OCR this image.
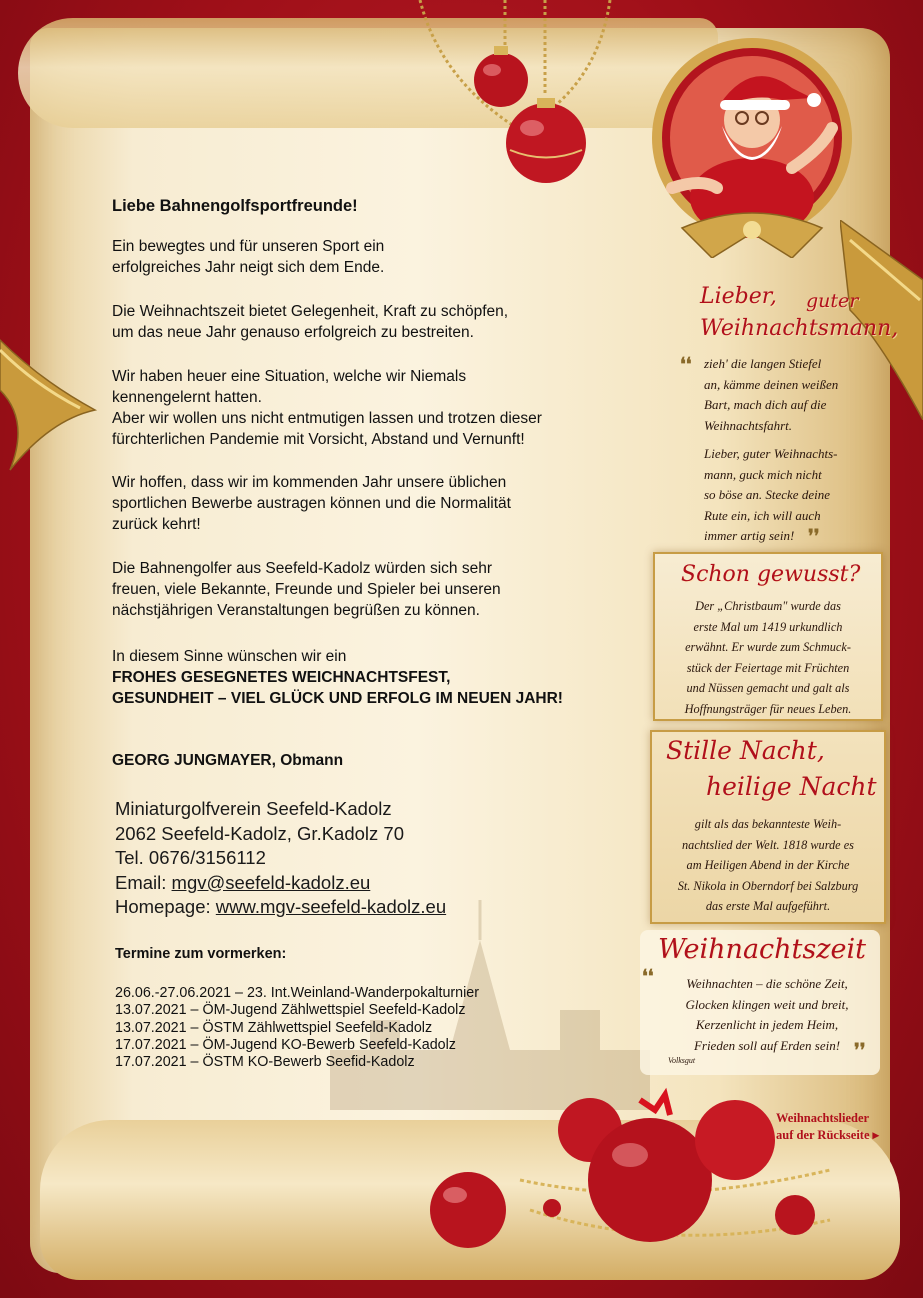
Liebe Bahnengolfsportfreunde!
Ein bewegtes und für unseren Sport ein
erfolgreiches Jahr neigt sich dem Ende.
Die Weihnachtszeit bietet Gelegenheit, Kraft zu schöpfen,
um das neue Jahr genauso erfolgreich zu bestreiten.
Wir haben heuer eine Situation, welche wir Niemals
kennengelernt hatten.
Aber wir wollen uns nicht entmutigen lassen und trotzen dieser
fürchterlichen Pandemie mit Vorsicht, Abstand und Vernunft!
Wir hoffen, dass wir im kommenden Jahr unsere üblichen
sportlichen Bewerbe austragen können und die Normalität
zurück kehrt!
Die Bahnengolfer aus Seefeld-Kadolz würden sich sehr
freuen, viele Bekannte, Freunde und Spieler bei unseren
nächstjährigen Veranstaltungen begrüßen zu können.
In diesem Sinne wünschen wir ein
FROHES GESEGNETES WEICHNACHTSFEST,
GESUNDHEIT – VIEL GLÜCK UND ERFOLG IM NEUEN JAHR!
GEORG JUNGMAYER, Obmann
Miniaturgolfverein Seefeld-Kadolz
2062 Seefeld-Kadolz, Gr.Kadolz 70
Tel. 0676/3156112
Email: mgv@seefeld-kadolz.eu
Homepage: www.mgv-seefeld-kadolz.eu
Termine zum vormerken:
26.06.-27.06.2021 – 23. Int.Weinland-Wanderpokalturnier
13.07.2021 – ÖM-Jugend Zählwettspiel Seefeld-Kadolz
13.07.2021 – ÖSTM Zählwettspiel Seefeld-Kadolz
17.07.2021 – ÖM-Jugend KO-Bewerb Seefeld-Kadolz
17.07.2021 – ÖSTM KO-Bewerb Seefid-Kadolz
Lieber, guter
Weihnachtsmann,
❛❛ zieh' die langen Stiefel
an, kämme deinen weißen
Bart, mach dich auf die
Weihnachtsfahrt.
Lieber, guter Weihnachts-
mann, guck mich nicht
so böse an. Stecke deine
Rute ein, ich will auch
immer artig sein! ❜❜
Schon gewusst?
Der „Christbaum" wurde das
erste Mal um 1419 urkundlich
erwähnt. Er wurde zum Schmuck-
stück der Feiertage mit Früchten
und Nüssen gemacht und galt als
Hoffnungsträger für neues Leben.
Stille Nacht,
heilige Nacht
gilt als das bekannteste Weih-
nachtslied der Welt. 1818 wurde es
am Heiligen Abend in der Kirche
St. Nikola in Oberndorf bei Salzburg
das erste Mal aufgeführt.
Weihnachtszeit
❛❛	Weihnachten – die schöne Zeit,
Glocken klingen weit und breit,
Kerzenlicht in jedem Heim,
Frieden soll auf Erden sein! ❜❜
Volksgut
Weihnachtslieder
auf der Rückseite ▸
